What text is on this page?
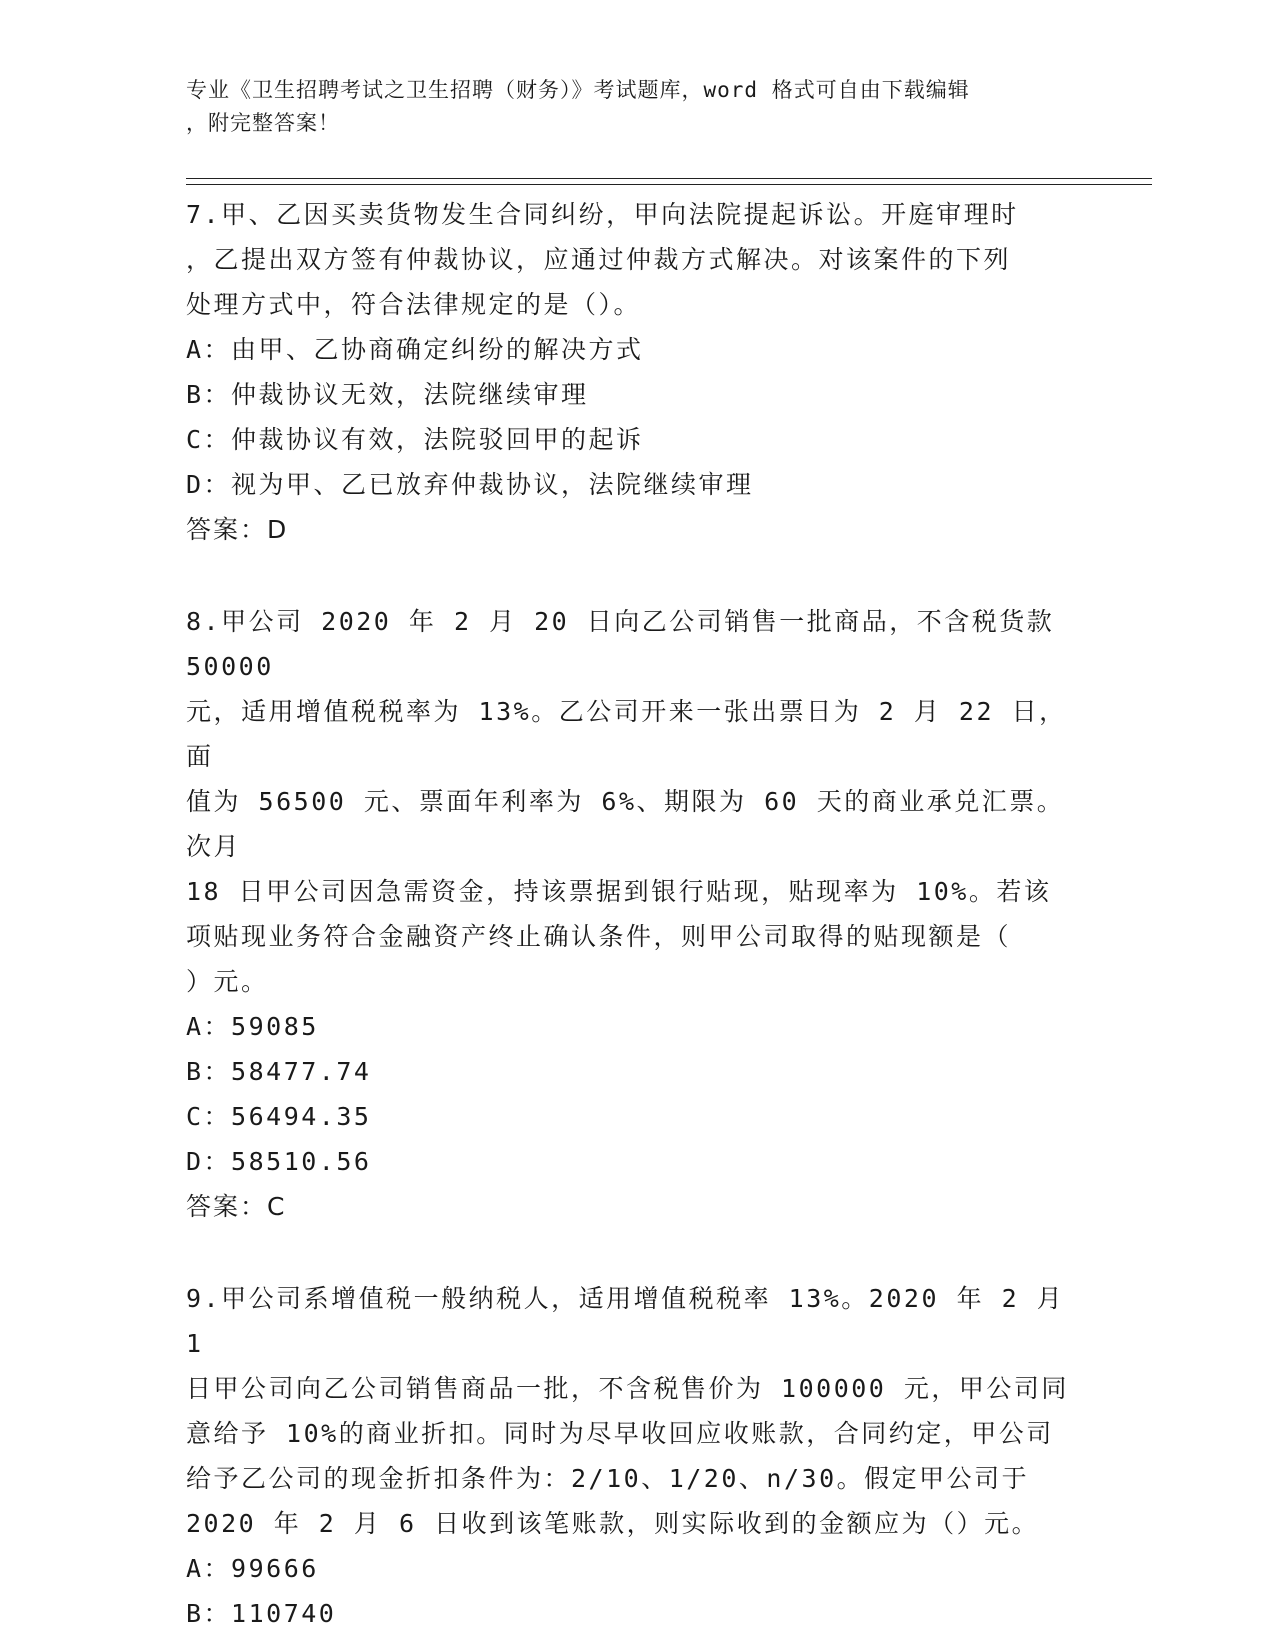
专业《卫生招聘考试之卫生招聘（财务）》考试题库，word 格式可自由下载编辑
，附完整答案！
7.甲、乙因买卖货物发生合同纠纷，甲向法院提起诉讼。开庭审理时
，乙提出双方签有仲裁协议，应通过仲裁方式解决。对该案件的下列
处理方式中，符合法律规定的是（）。
A：由甲、乙协商确定纠纷的解决方式
B：仲裁协议无效，法院继续审理
C：仲裁协议有效，法院驳回甲的起诉
D：视为甲、乙已放弃仲裁协议，法院继续审理
答案：D
8.甲公司 2020 年 2 月 20 日向乙公司销售一批商品，不含税货款 50000
元，适用增值税税率为 13%。乙公司开来一张出票日为 2 月 22 日，面
值为 56500 元、票面年利率为 6%、期限为 60 天的商业承兑汇票。次月
18 日甲公司因急需资金，持该票据到银行贴现，贴现率为 10%。若该
项贴现业务符合金融资产终止确认条件，则甲公司取得的贴现额是（
）元。
A：59085
B：58477.74
C：56494.35
D：58510.56
答案：C
9.甲公司系增值税一般纳税人，适用增值税税率 13%。2020 年 2 月 1
日甲公司向乙公司销售商品一批，不含税售价为 100000 元，甲公司同
意给予 10%的商业折扣。同时为尽早收回应收账款，合同约定，甲公司
给予乙公司的现金折扣条件为：2/10、1/20、n/30。假定甲公司于
2020 年 2 月 6 日收到该笔账款，则实际收到的金额应为（）元。
A：99666
B：110740
